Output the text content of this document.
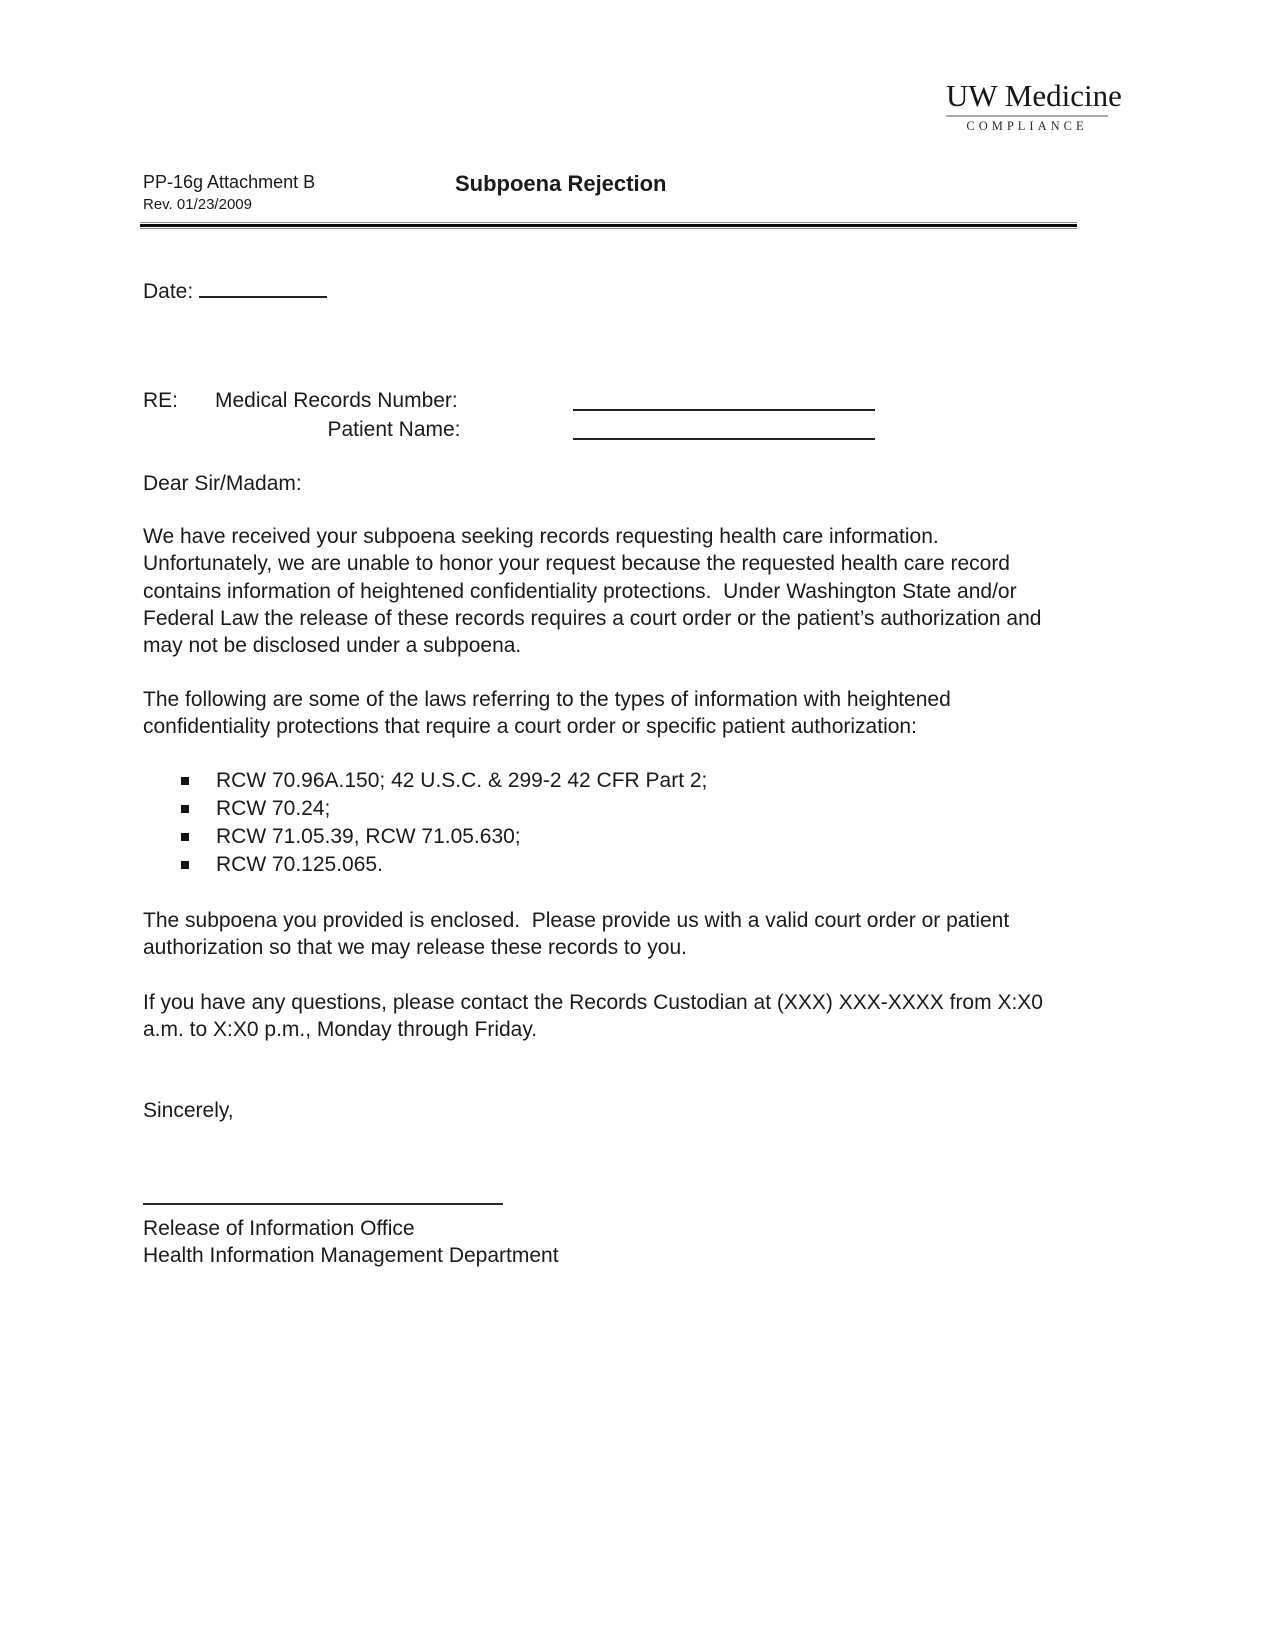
UW Medicine
COMPLIANCE
PP-16g Attachment B
Rev. 01/23/2009
Subpoena Rejection
Date:
RE:	Medical Records Number:
Patient Name:
Dear Sir/Madam:
We have received your subpoena seeking records requesting health care information. Unfortunately, we are unable to honor your request because the requested health care record contains information of heightened confidentiality protections.  Under Washington State and/or Federal Law the release of these records requires a court order or the patient’s authorization and may not be disclosed under a subpoena.
The following are some of the laws referring to the types of information with heightened confidentiality protections that require a court order or specific patient authorization:
RCW 70.96A.150; 42 U.S.C. & 299-2 42 CFR Part 2;
RCW 70.24;
RCW 71.05.39, RCW 71.05.630;
RCW 70.125.065.
The subpoena you provided is enclosed.  Please provide us with a valid court order or patient authorization so that we may release these records to you.
If you have any questions, please contact the Records Custodian at (XXX) XXX-XXXX from X:X0 a.m. to X:X0 p.m., Monday through Friday.
Sincerely,
Release of Information Office
Health Information Management Department
